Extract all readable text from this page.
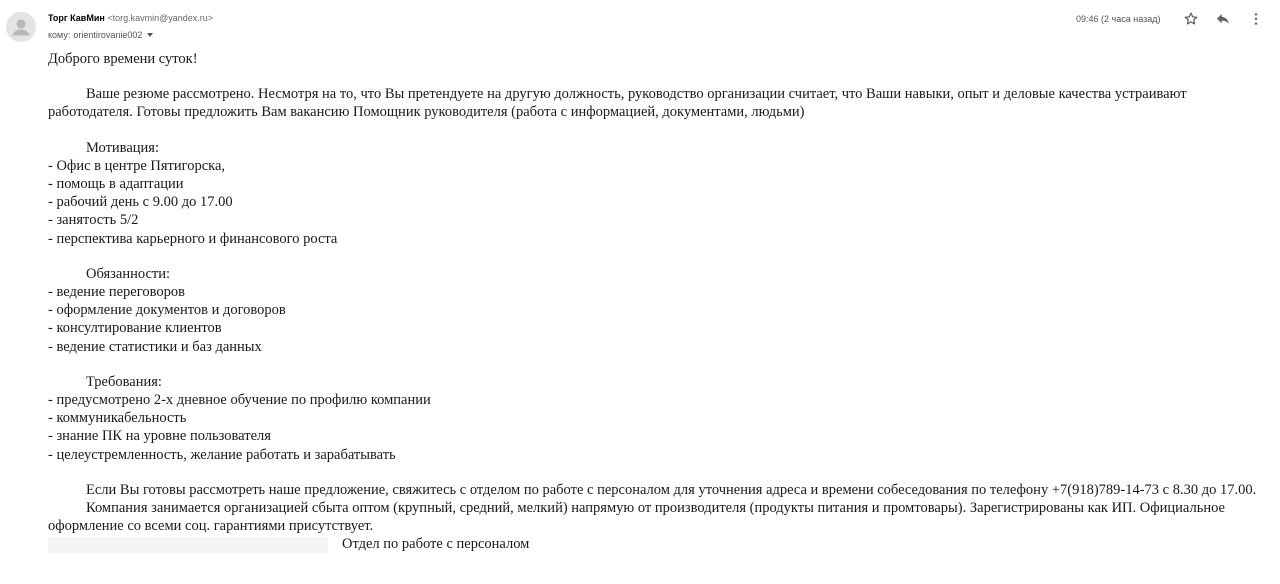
Торг КавМин <torg.kavmin@yandex.ru>
кому: orientirovanie002
09:46 (2 часа назад)

Доброго времени суток!

Ваше резюме рассмотрено. Несмотря на то, что Вы претендуете на другую должность, руководство организации считает, что Ваши навыки, опыт и деловые качества устраивают работодателя. Готовы предложить Вам вакансию Помощник руководителя (работа с информацией, документами, людьми)

Мотивация:

- Офис в центре Пятигорска,

- помощь в адаптации

- рабочий день с 9.00 до 17.00

- занятость 5/2

- перспектива карьерного и финансового роста

Обязанности:

- ведение переговоров

- оформление документов и договоров

- консултирование клиентов

- ведение статистики и баз данных

Требования:

- предусмотрено 2-х дневное обучение по профилю компании

- коммуникабельность

- знание ПК на уровне пользователя

- целеустремленность, желание работать и зарабатывать

Если Вы готовы рассмотреть наше предложение, свяжитесь с отделом по работе с персоналом для уточнения адреса и времени собеседования по телефону +7(918)789-14-73 с 8.30 до 17.00.

Компания занимается организацией сбыта оптом (крупный, средний, мелкий) напрямую от производителя (продукты питания и промтовары). Зарегистрированы как ИП. Официальное оформление со всеми соц. гарантиями присутствует.

Отдел по работе с персоналом
